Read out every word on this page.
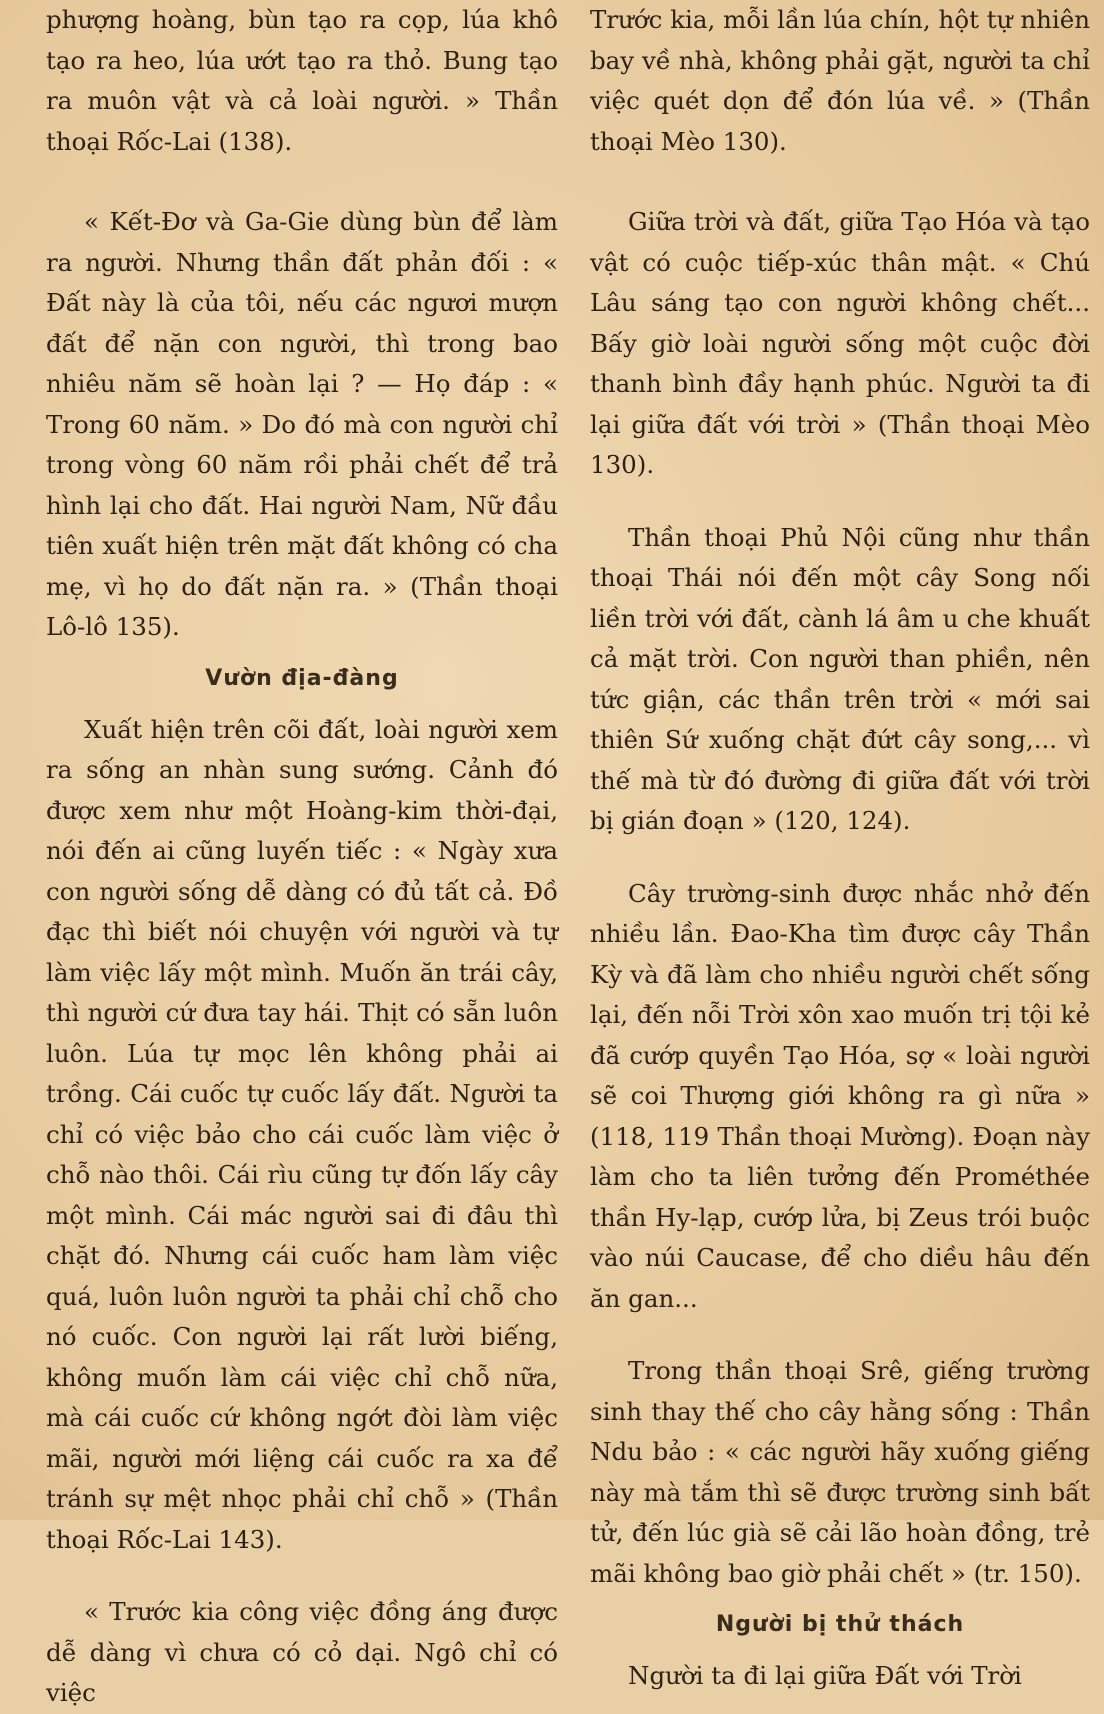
phượng hoàng, bùn tạo ra cọp, lúa khô tạo ra heo, lúa ướt tạo ra thỏ. Bung tạo ra muôn vật và cả loài người. » Thần thoại Rốc-Lai (138).

« Kết-Đơ và Ga-Gie dùng bùn để làm ra người. Nhưng thần đất phản đối : « Đất này là của tôi, nếu các ngươi mượn đất để nặn con người, thì trong bao nhiêu năm sẽ hoàn lại ? — Họ đáp : « Trong 60 năm. » Do đó mà con người chỉ trong vòng 60 năm rồi phải chết để trả hình lại cho đất. Hai người Nam, Nữ đầu tiên xuất hiện trên mặt đất không có cha mẹ, vì họ do đất nặn ra. » (Thần thoại Lô-lô 135).

Vườn địa-đàng

Xuất hiện trên cõi đất, loài người xem ra sống an nhàn sung sướng. Cảnh đó được xem như một Hoàng-kim thời-đại, nói đến ai cũng luyến tiếc : « Ngày xưa con người sống dễ dàng có đủ tất cả. Đồ đạc thì biết nói chuyện với người và tự làm việc lấy một mình. Muốn ăn trái cây, thì người cứ đưa tay hái. Thịt có sẵn luôn luôn. Lúa tự mọc lên không phải ai trồng. Cái cuốc tự cuốc lấy đất. Người ta chỉ có việc bảo cho cái cuốc làm việc ở chỗ nào thôi. Cái rìu cũng tự đốn lấy cây một mình. Cái mác người sai đi đâu thì chặt đó. Nhưng cái cuốc ham làm việc quá, luôn luôn người ta phải chỉ chỗ cho nó cuốc. Con người lại rất lười biếng, không muốn làm cái việc chỉ chỗ nữa, mà cái cuốc cứ không ngớt đòi làm việc mãi, người mới liệng cái cuốc ra xa để tránh sự mệt nhọc phải chỉ chỗ » (Thần thoại Rốc-Lai 143).

« Trước kia công việc đồng áng được dễ dàng vì chưa có cỏ dại. Ngô chỉ có việc

Trước kia, mỗi lần lúa chín, hột tự nhiên bay về nhà, không phải gặt, người ta chỉ việc quét dọn để đón lúa về. » (Thần thoại Mèo 130).

Giữa trời và đất, giữa Tạo Hóa và tạo vật có cuộc tiếp-xúc thân mật. « Chú Lâu sáng tạo con người không chết... Bấy giờ loài người sống một cuộc đời thanh bình đầy hạnh phúc. Người ta đi lại giữa đất với trời » (Thần thoại Mèo 130).

Thần thoại Phủ Nội cũng như thần thoại Thái nói đến một cây Song nối liền trời với đất, cành lá âm u che khuất cả mặt trời. Con người than phiền, nên tức giận, các thần trên trời « mới sai thiên Sứ xuống chặt đứt cây song,... vì thế mà từ đó đường đi giữa đất với trời bị gián đoạn » (120, 124).

Cây trường-sinh được nhắc nhở đến nhiều lần. Đao-Kha tìm được cây Thần Kỳ và đã làm cho nhiều người chết sống lại, đến nỗi Trời xôn xao muốn trị tội kẻ đã cướp quyền Tạo Hóa, sợ « loài người sẽ coi Thượng giới không ra gì nữa » (118, 119 Thần thoại Mường). Đoạn này làm cho ta liên tưởng đến Prométhée thần Hy-lạp, cướp lửa, bị Zeus trói buộc vào núi Caucase, để cho diều hâu đến ăn gan...

Trong thần thoại Srê, giếng trường sinh thay thế cho cây hằng sống : Thần Ndu bảo : « các người hãy xuống giếng này mà tắm thì sẽ được trường sinh bất tử, đến lúc già sẽ cải lão hoàn đồng, trẻ mãi không bao giờ phải chết » (tr. 150).

Người bị thử thách

Người ta đi lại giữa Đất với Trời
